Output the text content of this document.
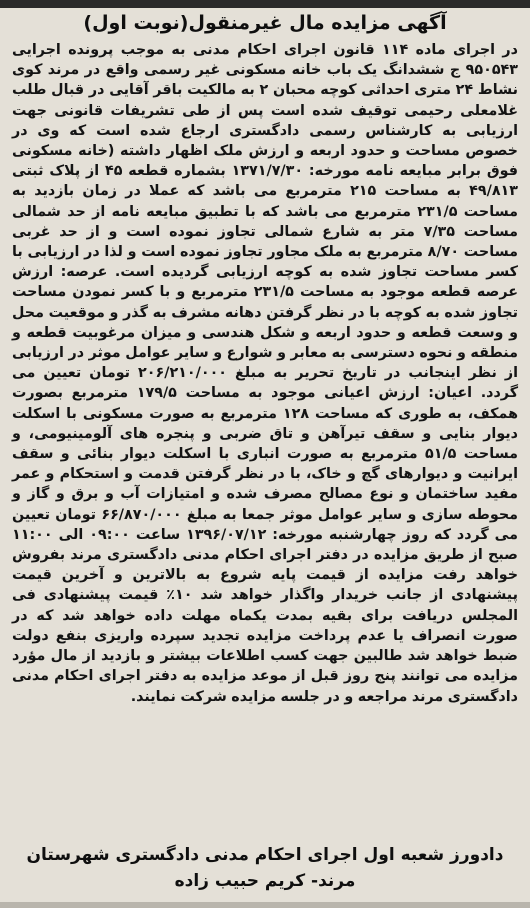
آگهی مزایده مال غیرمنقول(نوبت اول)
در اجرای ماده ۱۱۴ قانون اجرای احکام مدنی به موجب پرونده اجرایی ۹۵۰۵۴۳ ج ششدانگ یک باب خانه مسکونی غیر رسمی واقع در مرند کوی نشاط ۲۴ متری احداثی کوچه محبان ۲ به مالکیت باقر آقایی در قبال طلب غلامعلی رحیمی توقیف شده است پس از طی تشریفات قانونی جهت ارزیابی به کارشناس رسمی دادگستری ارجاع شده است که وی در خصوص مساحت و حدود اربعه و ارزش ملک اظهار داشته (خانه مسکونی فوق برابر مبایعه نامه مورخه: ۱۳۷۱/۷/۳۰ بشماره قطعه ۴۵ از پلاک ثبتی ۴۹/۸۱۳ به مساحت ۲۱۵ مترمربع می باشد که عملا در زمان بازدید به مساحت ۲۳۱/۵ مترمربع می باشد که با تطبیق مبایعه نامه از حد شمالی مساحت ۷/۳۵ متر به شارع شمالی تجاوز نموده است و از حد غربی مساحت ۸/۷۰ مترمربع به ملک مجاور تجاوز نموده است و لذا در ارزیابی با کسر مساحت تجاوز شده به کوچه ارزیابی گردیده است. عرصه: ارزش عرصه قطعه موجود به مساحت ۲۳۱/۵ مترمربع و با کسر نمودن مساحت تجاوز شده به کوچه با در نظر گرفتن دهانه مشرف به گذر و موقعیت محل و وسعت قطعه و حدود اربعه و شکل هندسی و میزان مرغوبیت قطعه و منطقه و نحوه دسترسی به معابر و شوارع و سایر عوامل موثر در ارزیابی از نظر اینجانب در تاریخ تحریر به مبلغ ۲۰۶/۲۱۰/۰۰۰ تومان تعیین می گردد. اعیان: ارزش اعیانی موجود به مساحت ۱۷۹/۵ مترمربع بصورت همکف، به طوری که مساحت ۱۲۸ مترمربع به صورت مسکونی با اسکلت دیوار بنایی و سقف تیرآهن و تاق ضربی و پنجره های آلومینیومی، و مساحت ۵۱/۵ مترمربع به صورت انباری با اسکلت دیوار بنائی و سقف ایرانیت و دیوارهای گچ و خاک، با در نظر گرفتن قدمت و استحکام و عمر مفید ساختمان و نوع مصالح مصرف شده و امتیازات آب و برق و گاز و محوطه سازی و سایر عوامل موثر جمعا به مبلغ ۶۶/۸۷۰/۰۰۰ تومان تعیین می گردد که روز چهارشنبه مورخه: ۱۳۹۶/۰۷/۱۲ ساعت ۰۹:۰۰ الی ۱۱:۰۰ صبح از طریق مزایده در دفتر اجرای احکام مدنی دادگستری مرند بفروش خواهد رفت مزایده از قیمت پایه شروع به بالاترین و آخرین قیمت پیشنهادی از جانب خریدار واگذار خواهد شد ۱۰٪ قیمت پیشنهادی فی المجلس دریافت برای بقیه بمدت یکماه مهلت داده خواهد شد که در صورت انصراف یا عدم پرداخت مزایده تجدید سپرده واریزی بنفع دولت ضبط خواهد شد طالبین جهت کسب اطلاعات بیشتر و بازدید از مال مؤرد مزایده می توانند پنج روز قبل از موعد مزایده به دفتر اجرای احکام مدنی دادگستری مرند مراجعه و در جلسه مزایده شرکت نمایند.
دادورز شعبه اول اجرای احکام مدنی دادگستری شهرستان
مرند- کریم حبیب زاده
